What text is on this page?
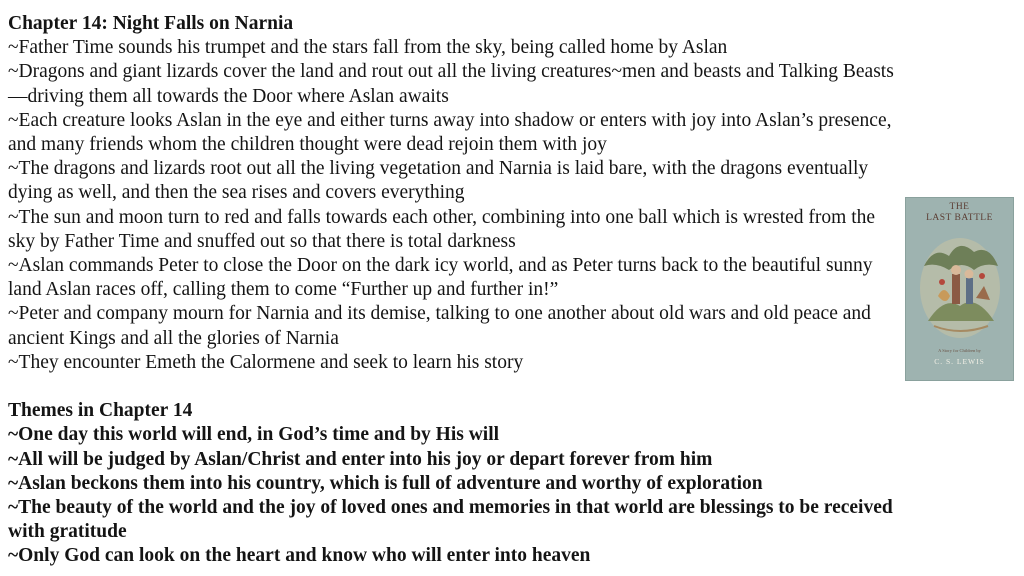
Chapter 14: Night Falls on Narnia
~Father Time sounds his trumpet and the stars fall from the sky, being called home by Aslan
~Dragons and giant lizards cover the land and rout out all the living creatures~men and beasts and Talking Beasts—driving them all towards the Door where Aslan awaits
~Each creature looks Aslan in the eye and either turns away into shadow or enters with joy into Aslan’s presence, and many friends whom the children thought were dead rejoin them with joy
~The dragons and lizards root out all the living vegetation and Narnia is laid bare, with the dragons eventually dying as well, and then the sea rises and covers everything
~The sun and moon turn to red and falls towards each other, combining into one ball which is wrested from the sky by Father Time and snuffed out so that there is total darkness
~Aslan commands Peter to close the Door on the dark icy world, and as Peter turns back to the beautiful sunny land Aslan races off, calling them to come “Further up and further in!”
~Peter and company mourn for Narnia and its demise, talking to one another about old wars and old peace and ancient Kings and all the glories of Narnia
~They encounter Emeth the Calormene and seek to learn his story
Themes in Chapter 14
~One day this world will end, in God’s time and by His will
~All will be judged by Aslan/Christ and enter into his joy or depart forever from him
~Aslan beckons them into his country, which is full of adventure and worthy of exploration
~The beauty of the world and the joy of loved ones and memories in that world are blessings to be received with gratitude
~Only God can look on the heart and know who will enter into heaven
THE
LAST BATTLE
A Story for Children by
C. S. LEWIS
